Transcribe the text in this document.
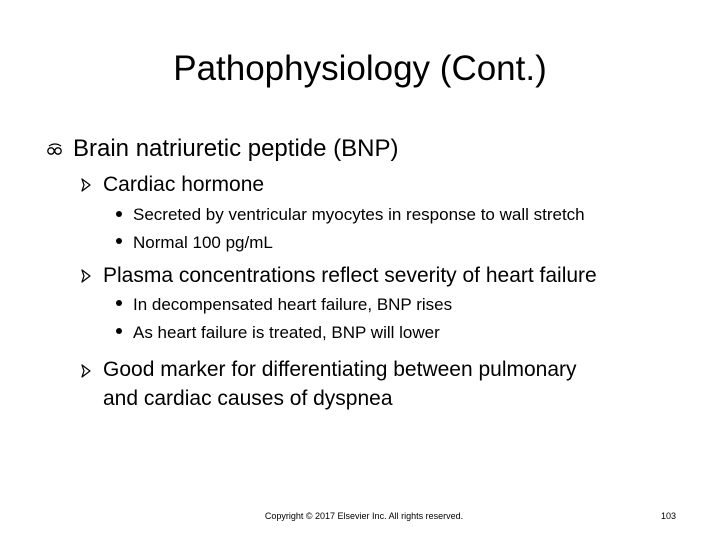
Pathophysiology (Cont.)
Brain natriuretic peptide (BNP)
Cardiac hormone
Secreted by ventricular myocytes in response to wall stretch
Normal 100 pg/mL
Plasma concentrations reflect severity of heart failure
In decompensated heart failure, BNP rises
As heart failure is treated, BNP will lower
Good marker for differentiating between pulmonary
and cardiac causes of dyspnea
Copyright © 2017 Elsevier Inc. All rights reserved.	103
